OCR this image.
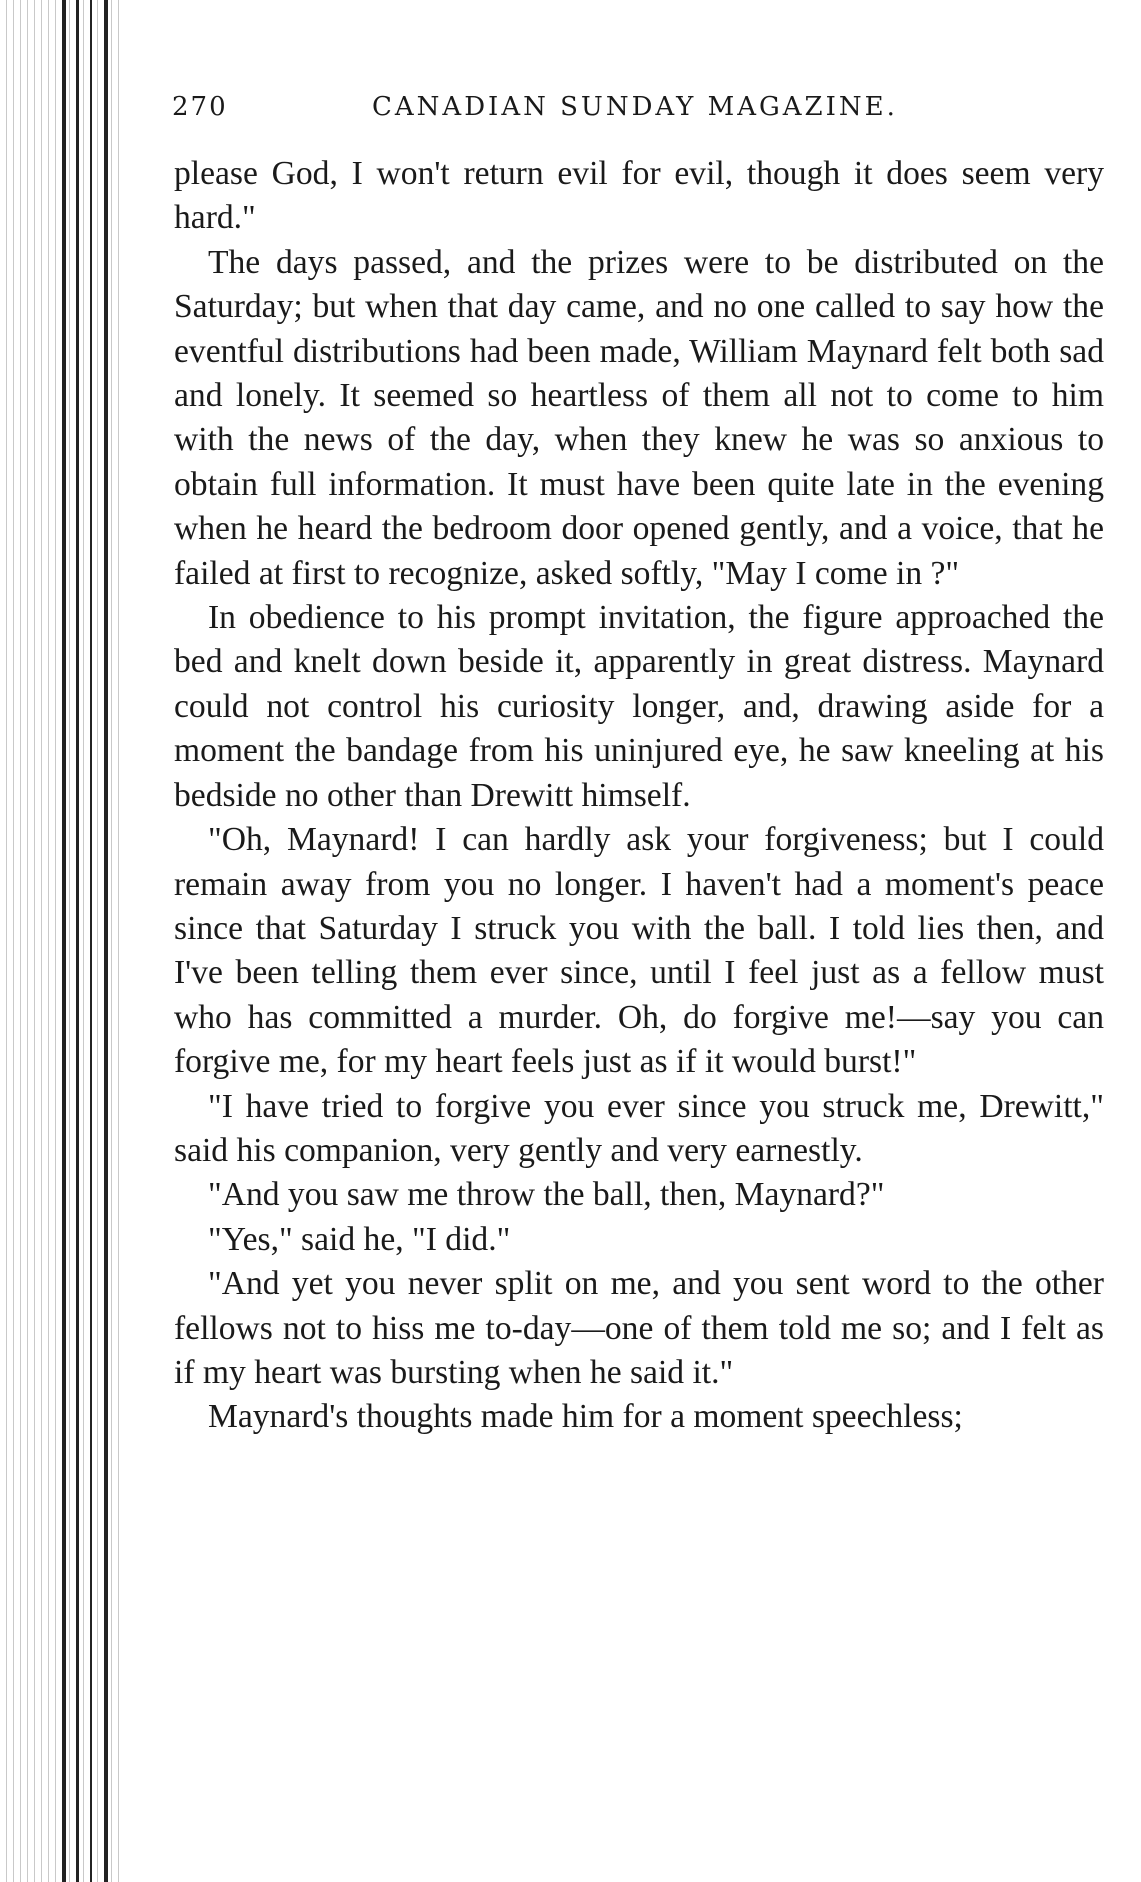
270	CANADIAN SUNDAY MAGAZINE.

please God, I won't return evil for evil, though it does seem very hard."

The days passed, and the prizes were to be distributed on the Saturday; but when that day came, and no one called to say how the eventful distributions had been made, William Maynard felt both sad and lonely. It seemed so heartless of them all not to come to him with the news of the day, when they knew he was so anxious to obtain full information. It must have been quite late in the evening when he heard the bedroom door opened gently, and a voice, that he failed at first to recognize, asked softly, "May I come in ?"

In obedience to his prompt invitation, the figure approached the bed and knelt down beside it, apparently in great distress. Maynard could not control his curiosity longer, and, drawing aside for a moment the bandage from his uninjured eye, he saw kneeling at his bedside no other than Drewitt himself.

"Oh, Maynard! I can hardly ask your forgiveness; but I could remain away from you no longer. I haven't had a moment's peace since that Saturday I struck you with the ball. I told lies then, and I've been telling them ever since, until I feel just as a fellow must who has committed a murder. Oh, do forgive me!—say you can forgive me, for my heart feels just as if it would burst!"

"I have tried to forgive you ever since you struck me, Drewitt," said his companion, very gently and very earnestly.

"And you saw me throw the ball, then, Maynard?"

"Yes," said he, "I did."

"And yet you never split on me, and you sent word to the other fellows not to hiss me to-day—one of them told me so; and I felt as if my heart was bursting when he said it."

Maynard's thoughts made him for a moment speechless;
